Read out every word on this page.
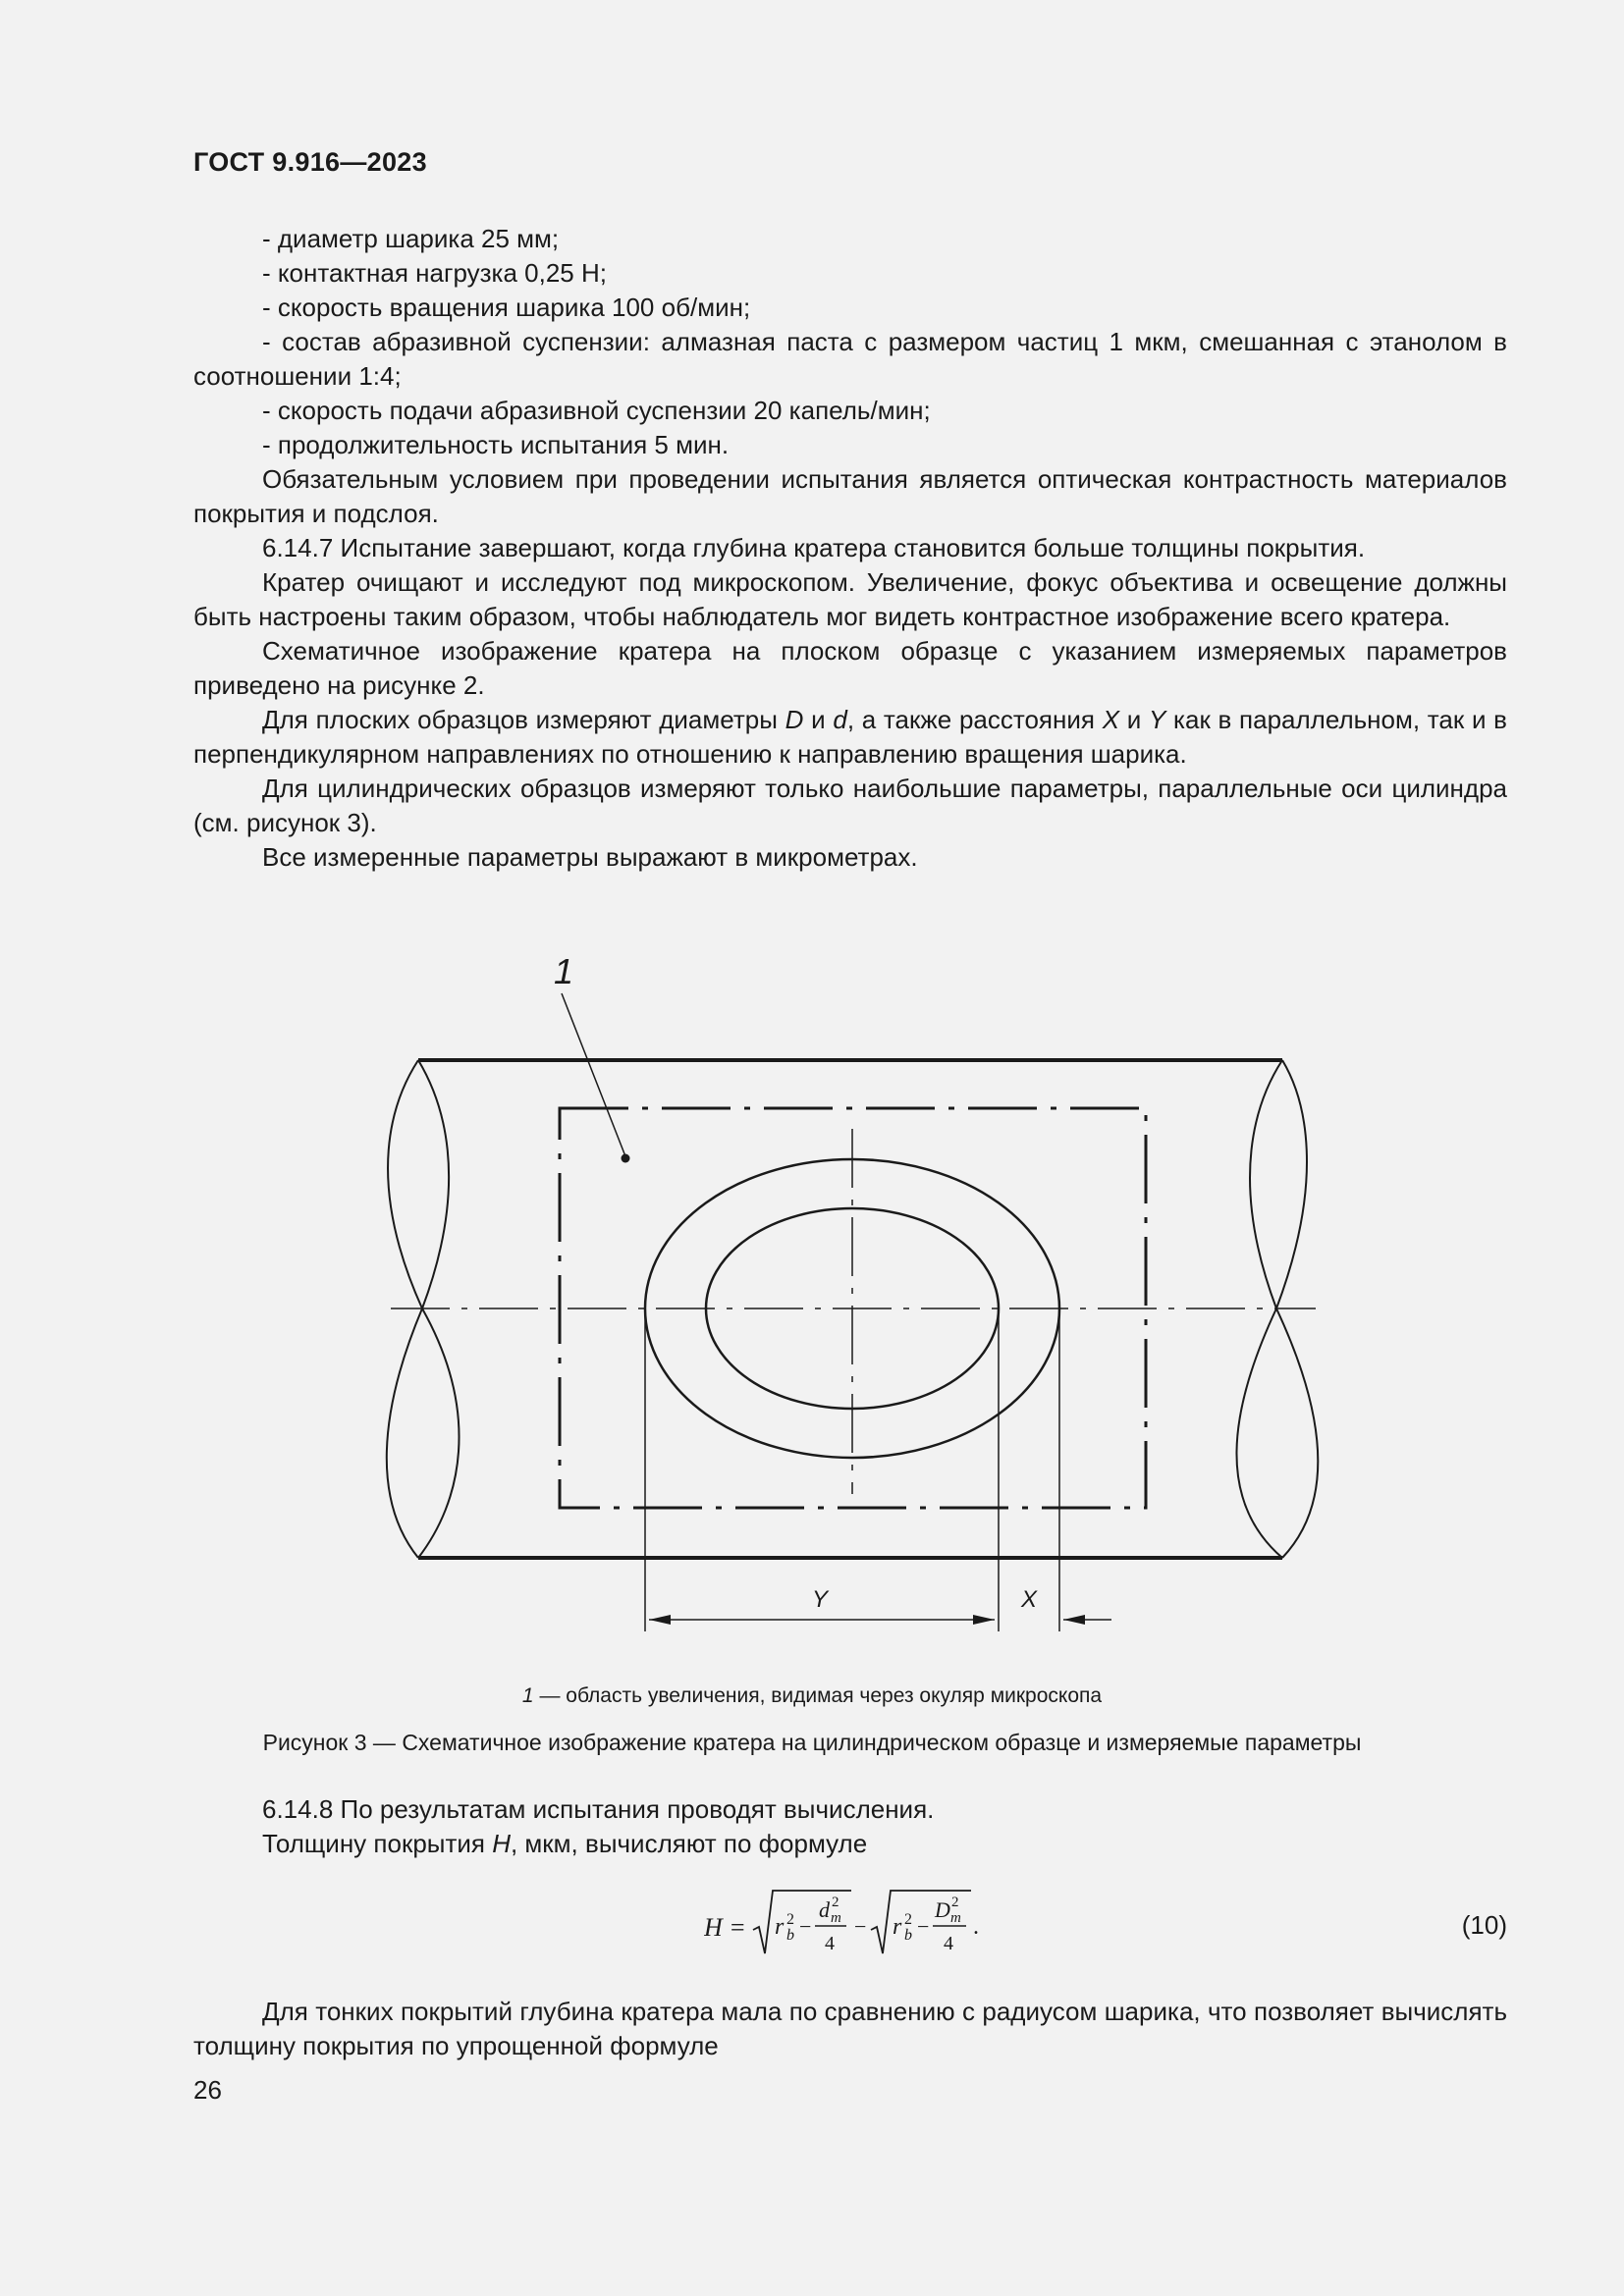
ГОСТ 9.916—2023

- диаметр шарика 25 мм;

- контактная нагрузка 0,25 Н;

- скорость вращения шарика 100 об/мин;

- состав абразивной суспензии: алмазная паста с размером частиц 1 мкм, смешанная с этанолом в соотношении 1:4;

- скорость подачи абразивной суспензии 20 капель/мин;

- продолжительность испытания 5 мин.

Обязательным условием при проведении испытания является оптическая контрастность материалов покрытия и подслоя.

6.14.7 Испытание завершают, когда глубина кратера становится больше толщины покрытия.

Кратер очищают и исследуют под микроскопом. Увеличение, фокус объектива и освещение должны быть настроены таким образом, чтобы наблюдатель мог видеть контрастное изображение всего кратера.

Схематичное изображение кратера на плоском образце с указанием измеряемых параметров приведено на рисунке 2.

Для плоских образцов измеряют диаметры D и d, а также расстояния X и Y как в параллельном, так и в перпендикулярном направлениях по отношению к направлению вращения шарика.

Для цилиндрических образцов измеряют только наибольшие параметры, параллельные оси цилиндра (см. рисунок 3).

Все измеренные параметры выражают в микрометрах.

1
Y	X
1 — область увеличения, видимая через окуляр микроскопа
Рисунок 3 — Схематичное изображение кратера на цилиндрическом образце и измеряемые параметры

6.14.8 По результатам испытания проводят вычисления.

Толщину покрытия H, мкм, вычисляют по формуле

H = r 2
b −
d 2
m
4
− r 2
b −
D 2
m
4
.	(10)

Для тонких покрытий глубина кратера мала по сравнению с радиусом шарика, что позволяет вычислять толщину покрытия по упрощенной формуле

26
